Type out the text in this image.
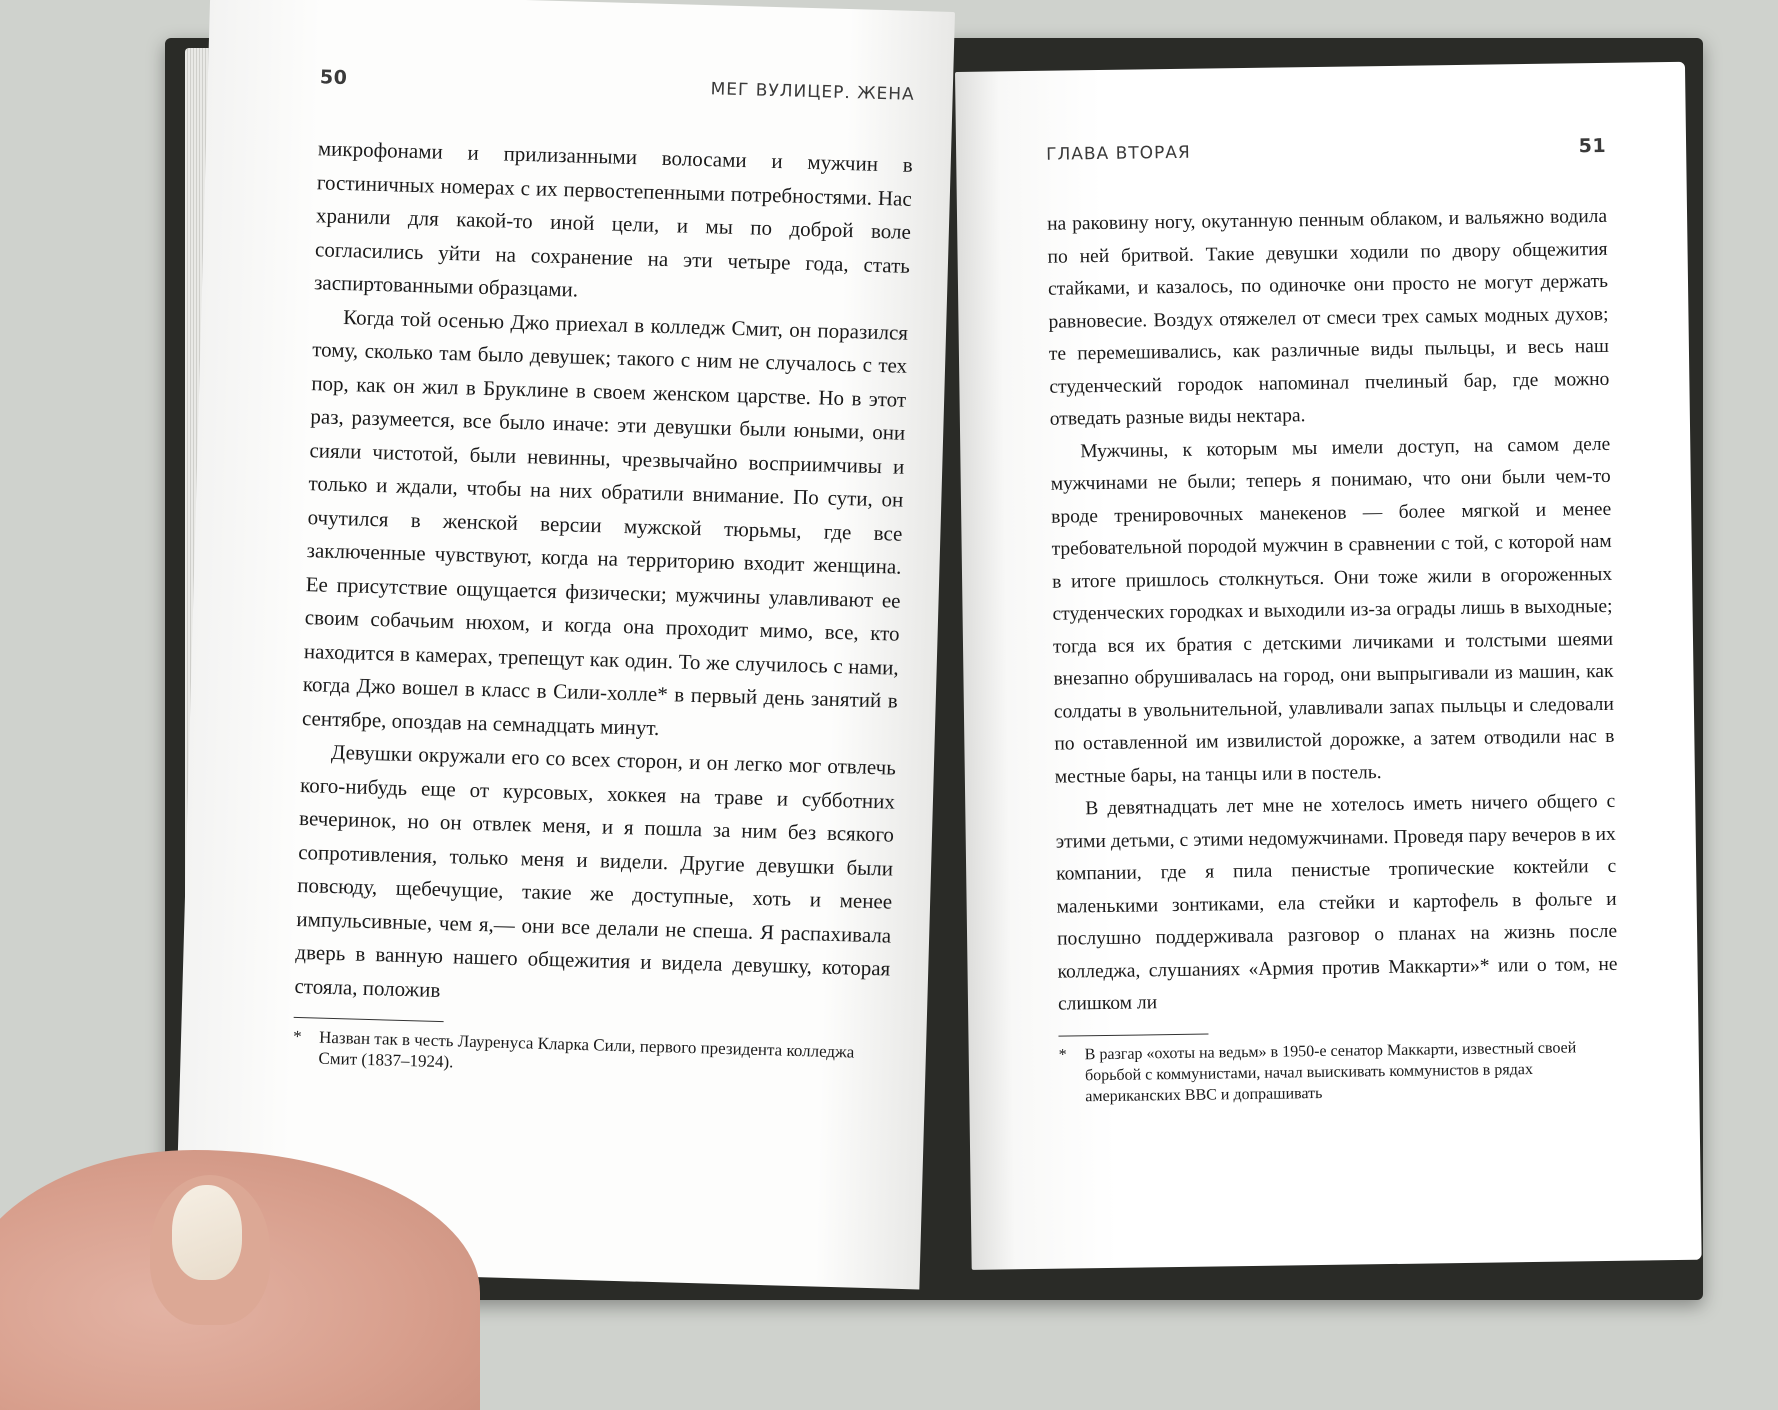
50
МЕГ ВУЛИЦЕР. ЖЕНА

микрофонами и прилизанными волосами и мужчин в гостиничных номерах с их первостепенными потребностями. Нас хранили для какой-то иной цели, и мы по доброй воле согласились уйти на сохранение на эти четыре года, стать заспиртованными образцами.

Когда той осенью Джо приехал в колледж Смит, он поразился тому, сколько там было девушек; такого с ним не случалось с тех пор, как он жил в Бруклине в своем женском царстве. Но в этот раз, разумеется, все было иначе: эти девушки были юными, они сияли чистотой, были невинны, чрезвычайно восприимчивы и только и ждали, чтобы на них обратили внимание. По сути, он очутился в женской версии мужской тюрьмы, где все заключенные чувствуют, когда на территорию входит женщина. Ее присутствие ощущается физически; мужчины улавливают ее своим собачьим нюхом, и когда она проходит мимо, все, кто находится в камерах, трепещут как один. То же случилось с нами, когда Джо вошел в класс в Сили-холле* в первый день занятий в сентябре, опоздав на семнадцать минут.

Девушки окружали его со всех сторон, и он легко мог отвлечь кого-нибудь еще от курсовых, хоккея на траве и субботних вечеринок, но он отвлек меня, и я пошла за ним без всякого сопротивления, только меня и видели. Другие девушки были повсюду, щебечущие, такие же доступные, хоть и менее импульсивные, чем я,— они все делали не спеша. Я распахивала дверь в ванную нашего общежития и видела девушку, которая стояла, положив

* Назван так в честь Лауренуса Кларка Сили, первого президента колледжа Смит (1837–1924).
ГЛАВА ВТОРАЯ	51

на раковину ногу, окутанную пенным облаком, и вальяжно водила по ней бритвой. Такие девушки ходили по двору общежития стайками, и казалось, по одиночке они просто не могут держать равновесие. Воздух отяжелел от смеси трех самых модных духов; те перемешивались, как различные виды пыльцы, и весь наш студенческий городок напоминал пчелиный бар, где можно отведать разные виды нектара.

Мужчины, к которым мы имели доступ, на самом деле мужчинами не были; теперь я понимаю, что они были чем-то вроде тренировочных манекенов — более мягкой и менее требовательной породой мужчин в сравнении с той, с которой нам в итоге пришлось столкнуться. Они тоже жили в огороженных студенческих городках и выходили из-за ограды лишь в выходные; тогда вся их братия с детскими личиками и толстыми шеями внезапно обрушивалась на город, они выпрыгивали из машин, как солдаты в увольнительной, улавливали запах пыльцы и следовали по оставленной им извилистой дорожке, а затем отводили нас в местные бары, на танцы или в постель.

В девятнадцать лет мне не хотелось иметь ничего общего с этими детьми, с этими недомужчинами. Проведя пару вечеров в их компании, где я пила пенистые тропические коктейли с маленькими зонтиками, ела стейки и картофель в фольге и послушно поддерживала разговор о планах на жизнь после колледжа, слушаниях «Армия против Маккарти»* или о том, не слишком ли

*	В разгар «охоты на ведьм» в 1950-е сенатор Маккарти, известный своей борьбой с коммунистами, начал выискивать коммунистов в рядах американских ВВС и допрашивать
